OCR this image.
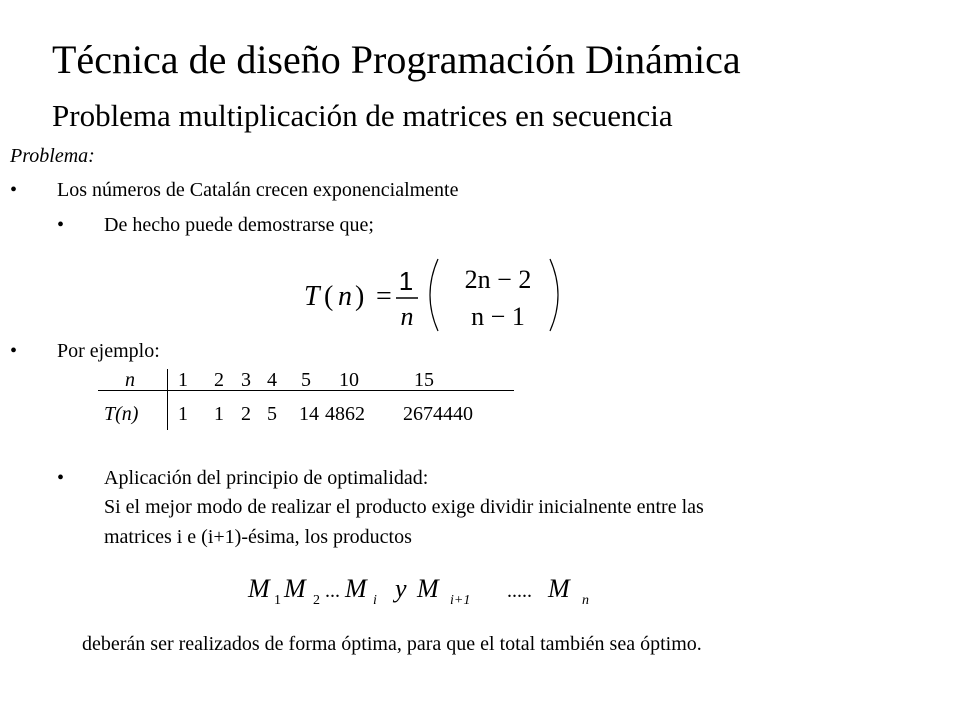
Técnica de diseño Programación Dinámica
Problema multiplicación de matrices en secuencia
Problema:
• Los números de Catalán crecen exponencialmente
• De hecho puede demostrarse que;
T ( n ) = 1
n
2n − 2
n − 1
• Por ejemplo:
n
T(n)
1 2 3 4 5 10	15
1 1 2 5 14 4862 2674440
• Aplicación del principio de optimalidad:
Si el mejor modo de realizar el producto exige dividir inicialnente entre las
matrices i e (i+1)-ésima, los productos
M 1 M 2 ... M i y M i+1 ..... M n
deberán ser realizados de forma óptima, para que el total también sea óptimo.
